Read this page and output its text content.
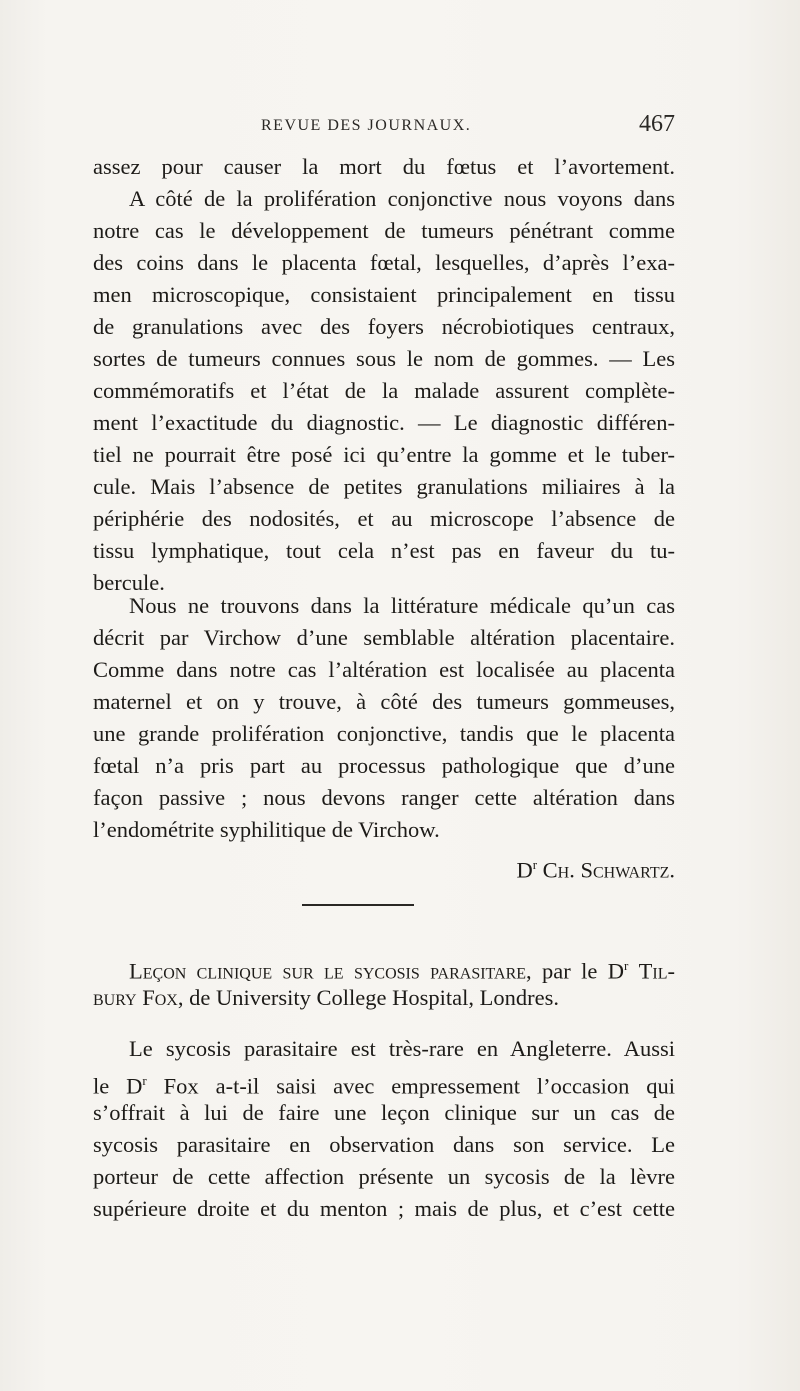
REVUE DES JOURNAUX.	467
assez pour causer la mort du fœtus et l’avortement.
A côté de la prolifération conjonctive nous voyons dans
notre cas le développement de tumeurs pénétrant comme
des coins dans le placenta fœtal, lesquelles, d’après l’exa-
men microscopique, consistaient principalement en tissu
de granulations avec des foyers nécrobiotiques centraux,
sortes de tumeurs connues sous le nom de gommes. — Les
commémoratifs et l’état de la malade assurent complète-
ment l’exactitude du diagnostic. — Le diagnostic différen-
tiel ne pourrait être posé ici qu’entre la gomme et le tuber-
cule. Mais l’absence de petites granulations miliaires à la
périphérie des nodosités, et au microscope l’absence de
tissu lymphatique, tout cela n’est pas en faveur du tu-
bercule.
Nous ne trouvons dans la littérature médicale qu’un cas
décrit par Virchow d’une semblable altération placentaire.
Comme dans notre cas l’altération est localisée au placenta
maternel et on y trouve, à côté des tumeurs gommeuses,
une grande prolifération conjonctive, tandis que le placenta
fœtal n’a pris part au processus pathologique que d’une
façon passive ; nous devons ranger cette altération dans
l’endométrite syphilitique de Virchow.
$D^r$ Ch. Schwartz.
Leçon clinique sur le sycosis parasitare, par le $D^r$ Til-
bury Fox, de University College Hospital, Londres.
Le sycosis parasitaire est très-rare en Angleterre. Aussi
le $D^r$ Fox a-t-il saisi avec empressement l’occasion qui
s’offrait à lui de faire une leçon clinique sur un cas de
sycosis parasitaire en observation dans son service. Le
porteur de cette affection présente un sycosis de la lèvre
supérieure droite et du menton ; mais de plus, et c’est cette
